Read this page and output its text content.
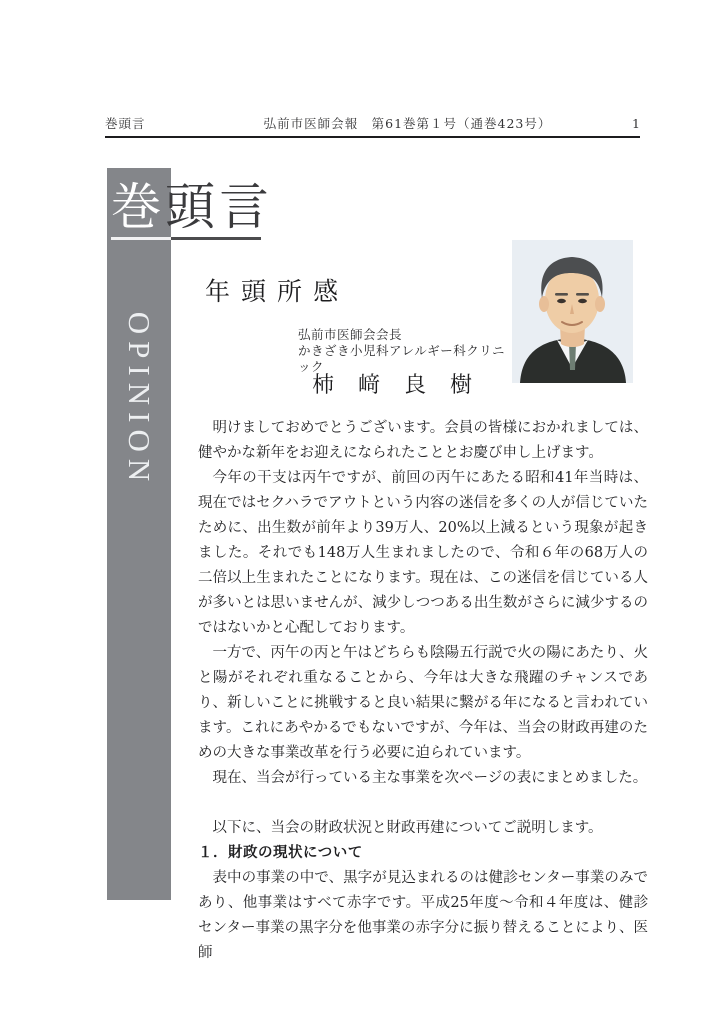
巻頭言	弘前市医師会報　第61巻第１号（通巻423号）	1
OPINION
巻頭言
年頭所感
弘前市医師会会長
かきざき小児科アレルギー科クリニック
柿﨑良樹

明けましておめでとうございます。会員の皆様におかれましては、健やかな新年をお迎えになられたこととお慶び申し上げます。

今年の干支は丙午ですが、前回の丙午にあたる昭和41年当時は、現在ではセクハラでアウトという内容の迷信を多くの人が信じていたために、出生数が前年より39万人、20%以上減るという現象が起きました。それでも148万人生まれましたので、令和６年の68万人の二倍以上生まれたことになります。現在は、この迷信を信じている人が多いとは思いませんが、減少しつつある出生数がさらに減少するのではないかと心配しております。

一方で、丙午の丙と午はどちらも陰陽五行説で火の陽にあたり、火と陽がそれぞれ重なることから、今年は大きな飛躍のチャンスであり、新しいことに挑戦すると良い結果に繋がる年になると言われています。これにあやかるでもないですが、今年は、当会の財政再建のための大きな事業改革を行う必要に迫られています。

現在、当会が行っている主な事業を次ページの表にまとめました。

以下に、当会の財政状況と財政再建についてご説明します。

１．財政の現状について

表中の事業の中で、黒字が見込まれるのは健診センター事業のみであり、他事業はすべて赤字です。平成25年度～令和４年度は、健診センター事業の黒字分を他事業の赤字分に振り替えることにより、医師
